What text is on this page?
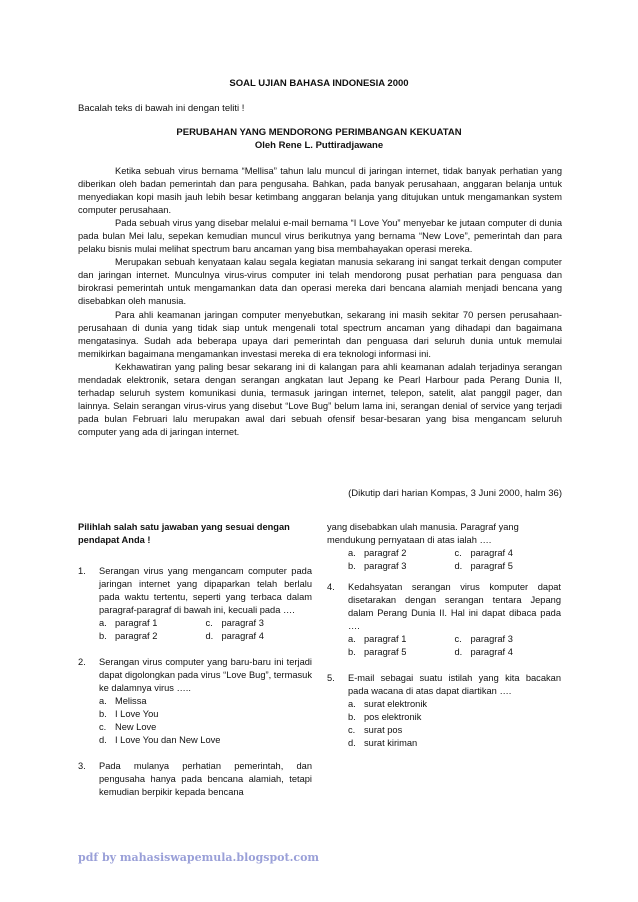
SOAL UJIAN BAHASA INDONESIA 2000
Bacalah teks di bawah ini dengan teliti !
PERUBAHAN YANG MENDORONG PERIMBANGAN KEKUATAN
Oleh Rene L. Puttiradjawane

Ketika sebuah virus bernama “Mellisa” tahun lalu muncul di jaringan internet, tidak banyak perhatian yang diberikan oleh badan pemerintah dan para pengusaha. Bahkan, pada banyak perusahaan, anggaran belanja untuk menyediakan kopi masih jauh lebih besar ketimbang anggaran belanja yang ditujukan untuk mengamankan system computer perusahaan.

Pada sebuah virus yang disebar melalui e-mail bernama “I Love You” menyebar ke jutaan computer di dunia pada bulan Mei lalu, sepekan kemudian muncul virus berikutnya yang bernama “New Love”, pemerintah dan para pelaku bisnis mulai melihat spectrum baru ancaman yang bisa membahayakan operasi mereka.

Merupakan sebuah kenyataan kalau segala kegiatan manusia sekarang ini sangat terkait dengan computer dan jaringan internet. Munculnya virus-virus computer ini telah mendorong pusat perhatian para penguasa dan birokrasi pemerintah untuk mengamankan data dan operasi mereka dari bencana alamiah menjadi bencana yang disebabkan oleh manusia.

Para ahli keamanan jaringan computer menyebutkan, sekarang ini masih sekitar 70 persen perusahaan-perusahaan di dunia yang tidak siap untuk mengenali total spectrum ancaman yang dihadapi dan bagaimana mengatasinya. Sudah ada beberapa upaya dari pemerintah dan penguasa dari seluruh dunia untuk memulai memikirkan bagaimana mengamankan investasi mereka di era teknologi informasi ini.

Kekhawatiran yang paling besar sekarang ini di kalangan para ahli keamanan adalah terjadinya serangan mendadak elektronik, setara dengan serangan angkatan laut Jepang ke Pearl Harbour pada Perang Dunia II, terhadap seluruh system komunikasi dunia, termasuk jaringan internet, telepon, satelit, alat panggil pager, dan lainnya. Selain serangan virus-virus yang disebut “Love Bug” belum lama ini, serangan denial of service yang terjadi pada bulan Februari lalu merupakan awal dari sebuah ofensif besar-besaran yang bisa mengancam seluruh computer yang ada di jaringan internet.

(Dikutip dari harian Kompas, 3 Juni 2000, halm 36)
Pilihlah salah satu jawaban yang sesuai dengan pendapat Anda !
1.	Serangan virus yang mengancam computer pada jaringan internet yang dipaparkan telah berlalu pada waktu tertentu, seperti yang terbaca dalam paragraf-paragraf di bawah ini, kecuali pada ….
a. paragraf 1	c. paragraf 3
b. paragraf 2	d. paragraf 4
2.	Serangan virus computer yang baru-baru ini terjadi dapat digolongkan pada virus “Love Bug”, termasuk ke dalamnya virus …..
a. Melissa
b. I Love You
c. New Love
d. I Love You dan New Love
3.	Pada mulanya perhatian pemerintah, dan pengusaha hanya pada bencana alamiah, tetapi kemudian berpikir kepada bencana
yang disebabkan ulah manusia. Paragraf yang mendukung pernyataan di atas ialah ….
a. paragraf 2	c. paragraf 4
b. paragraf 3	d. paragraf 5
4.	Kedahsyatan serangan virus komputer dapat disetarakan dengan serangan tentara Jepang dalam Perang Dunia II. Hal ini dapat dibaca pada ….
a. paragraf 1	c. paragraf 3
b. paragraf 5	d. paragraf 4
5.	E-mail sebagai suatu istilah yang kita bacakan pada wacana di atas dapat diartikan ….
a. surat elektronik
b. pos elektronik
c. surat pos
d. surat kiriman
pdf by mahasiswapemula.blogspot.com
